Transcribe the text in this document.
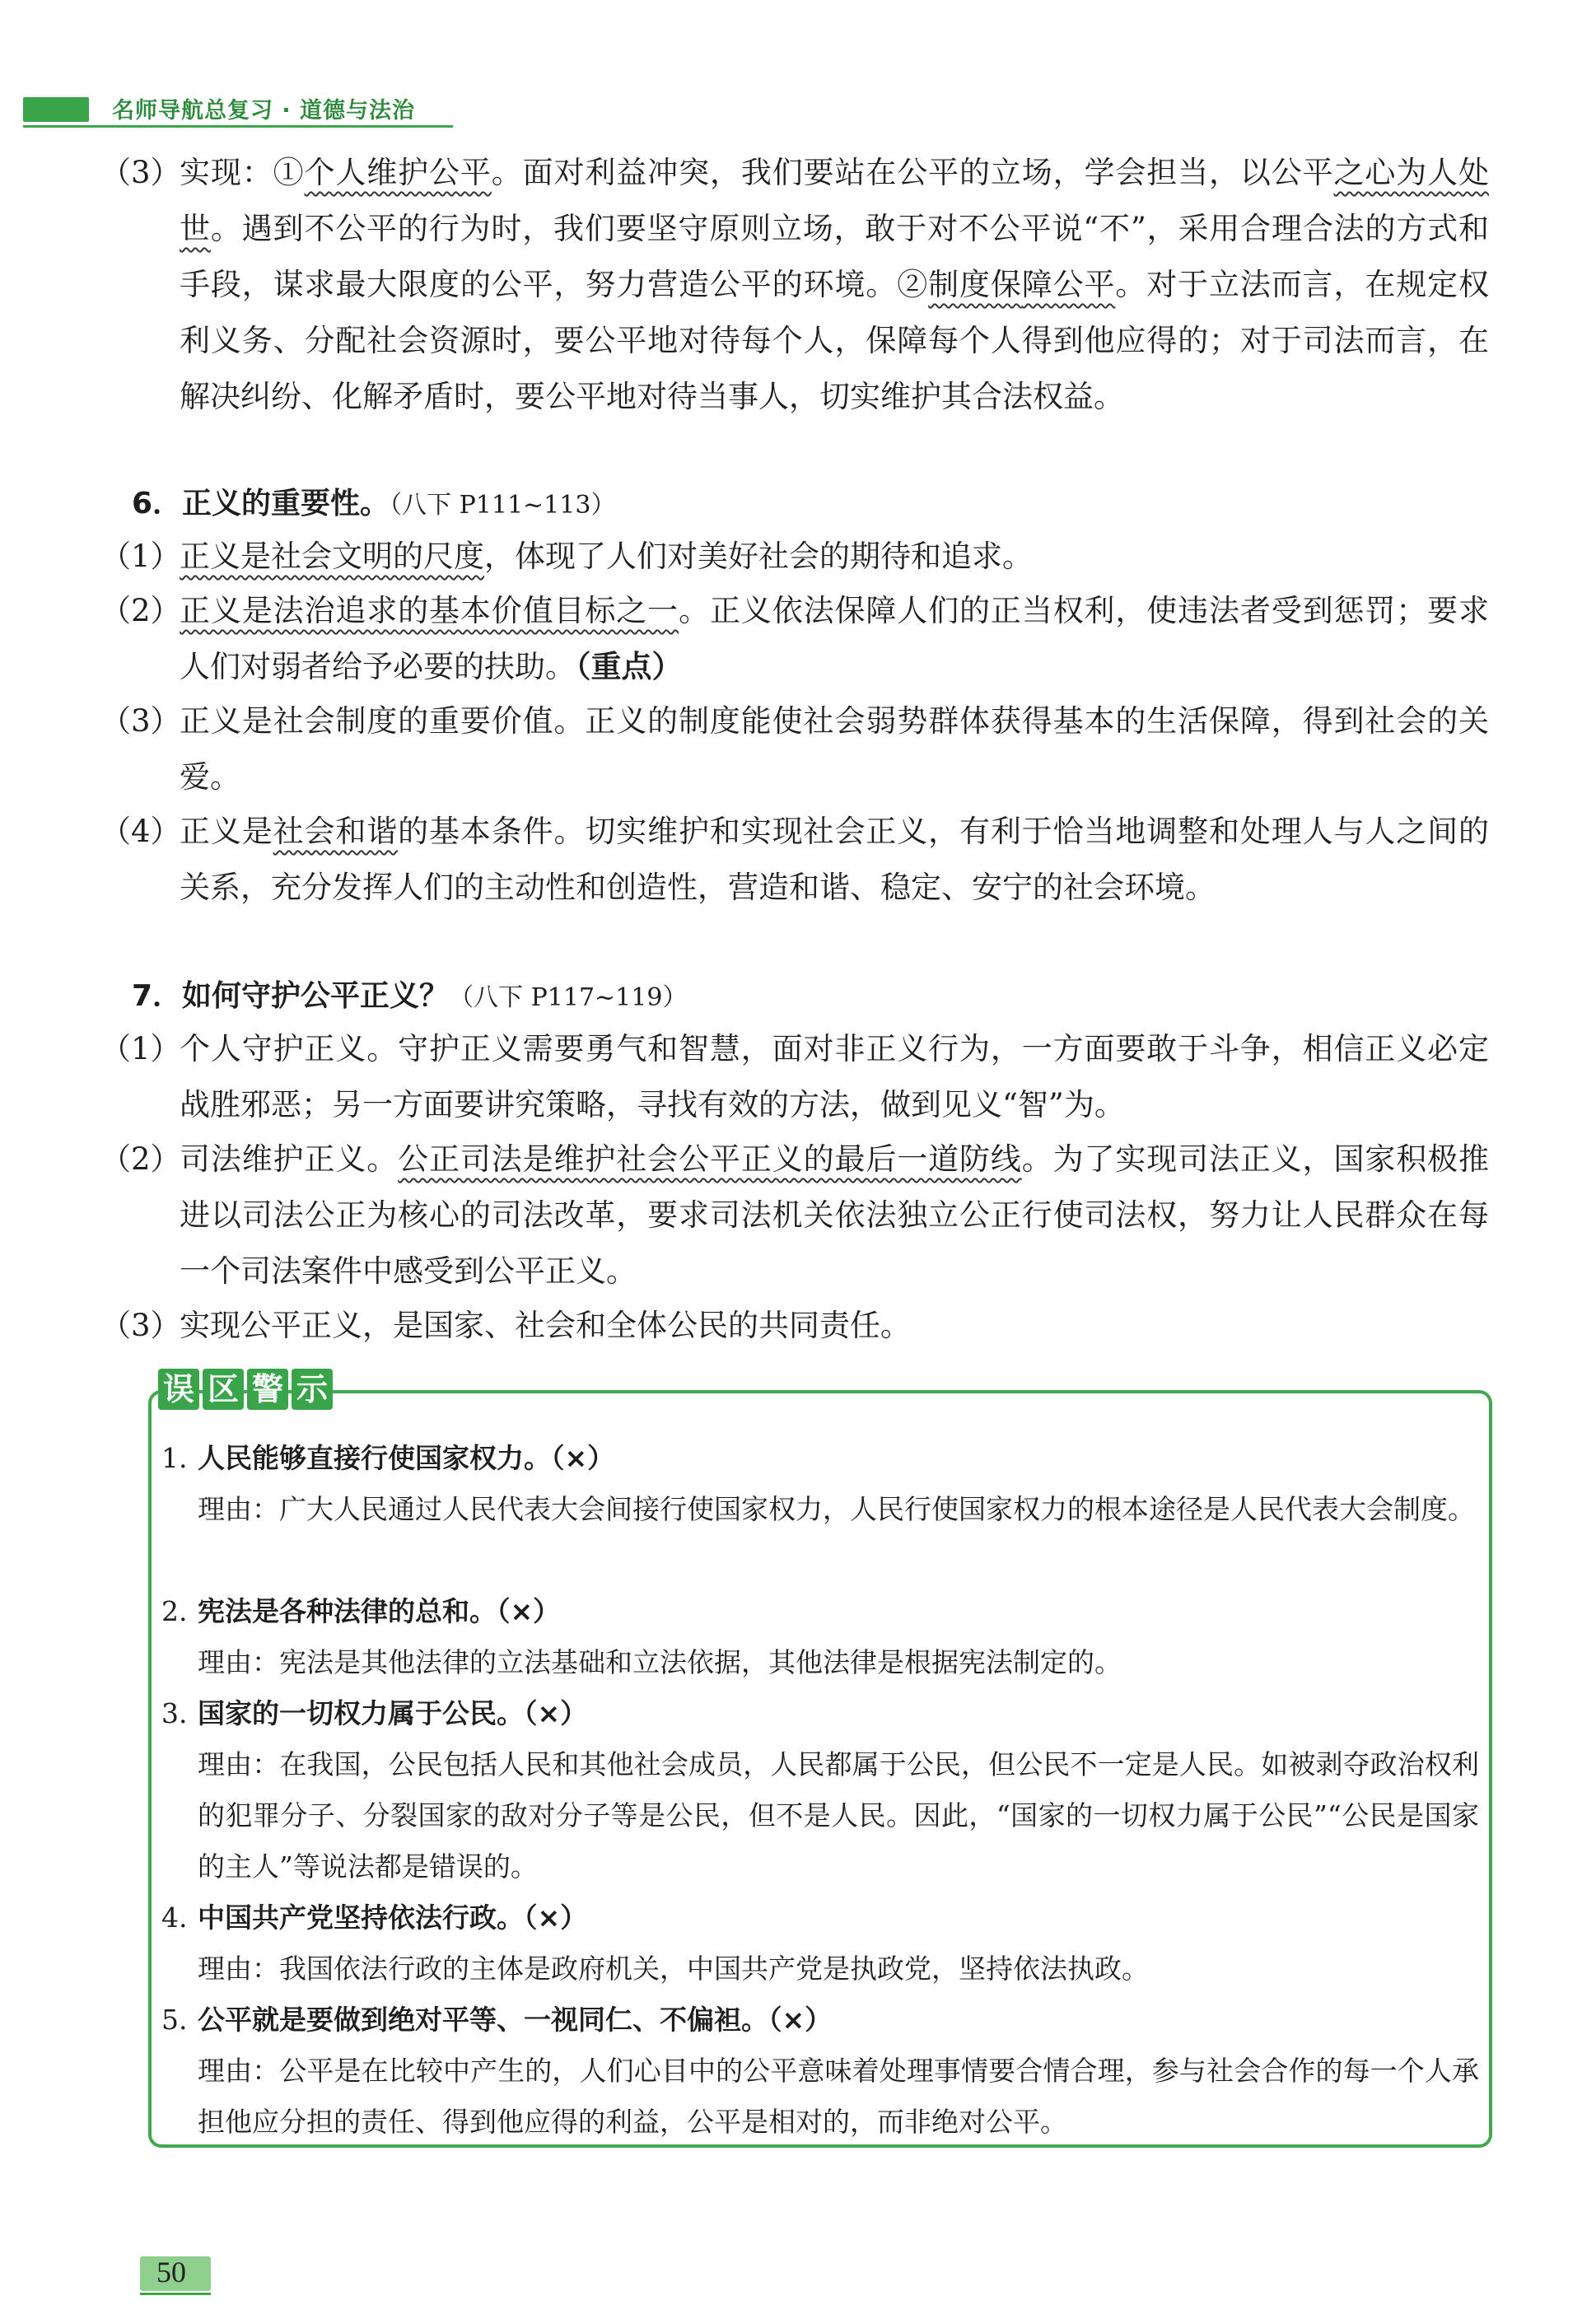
名师导航总复习 · 道德与法治
（3）
实现：①个人维护公平。面对利益冲突，我们要站在公平的立场，学会担当，以公平之心为人处世。遇到不公平的行为时，我们要坚守原则立场，敢于对不公平说“不”，采用合理合法的方式和手段，谋求最大限度的公平，努力营造公平的环境。②制度保障公平。对于立法而言，在规定权利义务、分配社会资源时，要公平地对待每个人，保障每个人得到他应得的；对于司法而言，在解决纠纷、化解矛盾时，要公平地对待当事人，切实维护其合法权益。
6．正义的重要性。（八下 P111~113）
（1）
正义是社会文明的尺度，体现了人们对美好社会的期待和追求。
（2）
正义是法治追求的基本价值目标之一。正义依法保障人们的正当权利，使违法者受到惩罚；要求人们对弱者给予必要的扶助。（重点）
（3）
正义是社会制度的重要价值。正义的制度能使社会弱势群体获得基本的生活保障，得到社会的关爱。
（4）
正义是社会和谐的基本条件。切实维护和实现社会正义，有利于恰当地调整和处理人与人之间的关系，充分发挥人们的主动性和创造性，营造和谐、稳定、安宁的社会环境。
7．如何守护公平正义？（八下 P117~119）
（1）
个人守护正义。守护正义需要勇气和智慧，面对非正义行为，一方面要敢于斗争，相信正义必定战胜邪恶；另一方面要讲究策略，寻找有效的方法，做到见义“智”为。
（2）
司法维护正义。公正司法是维护社会公平正义的最后一道防线。为了实现司法正义，国家积极推进以司法公正为核心的司法改革，要求司法机关依法独立公正行使司法权，努力让人民群众在每一个司法案件中感受到公平正义。
（3）
实现公平正义，是国家、社会和全体公民的共同责任。
误 区 警 示
1. 人民能够直接行使国家权力。（×）
理由：广大人民通过人民代表大会间接行使国家权力，人民行使国家权力的根本途径是人民代表大会制度。
2. 宪法是各种法律的总和。（×）
理由：宪法是其他法律的立法基础和立法依据，其他法律是根据宪法制定的。
3. 国家的一切权力属于公民。（×）
理由：在我国，公民包括人民和其他社会成员，人民都属于公民，但公民不一定是人民。如被剥夺政治权利的犯罪分子、分裂国家的敌对分子等是公民，但不是人民。因此，“国家的一切权力属于公民”“公民是国家的主人”等说法都是错误的。
4. 中国共产党坚持依法行政。（×）
理由：我国依法行政的主体是政府机关，中国共产党是执政党，坚持依法执政。
5. 公平就是要做到绝对平等、一视同仁、不偏袒。（×）
理由：公平是在比较中产生的，人们心目中的公平意味着处理事情要合情合理，参与社会合作的每一个人承担他应分担的责任、得到他应得的利益，公平是相对的，而非绝对公平。
50
